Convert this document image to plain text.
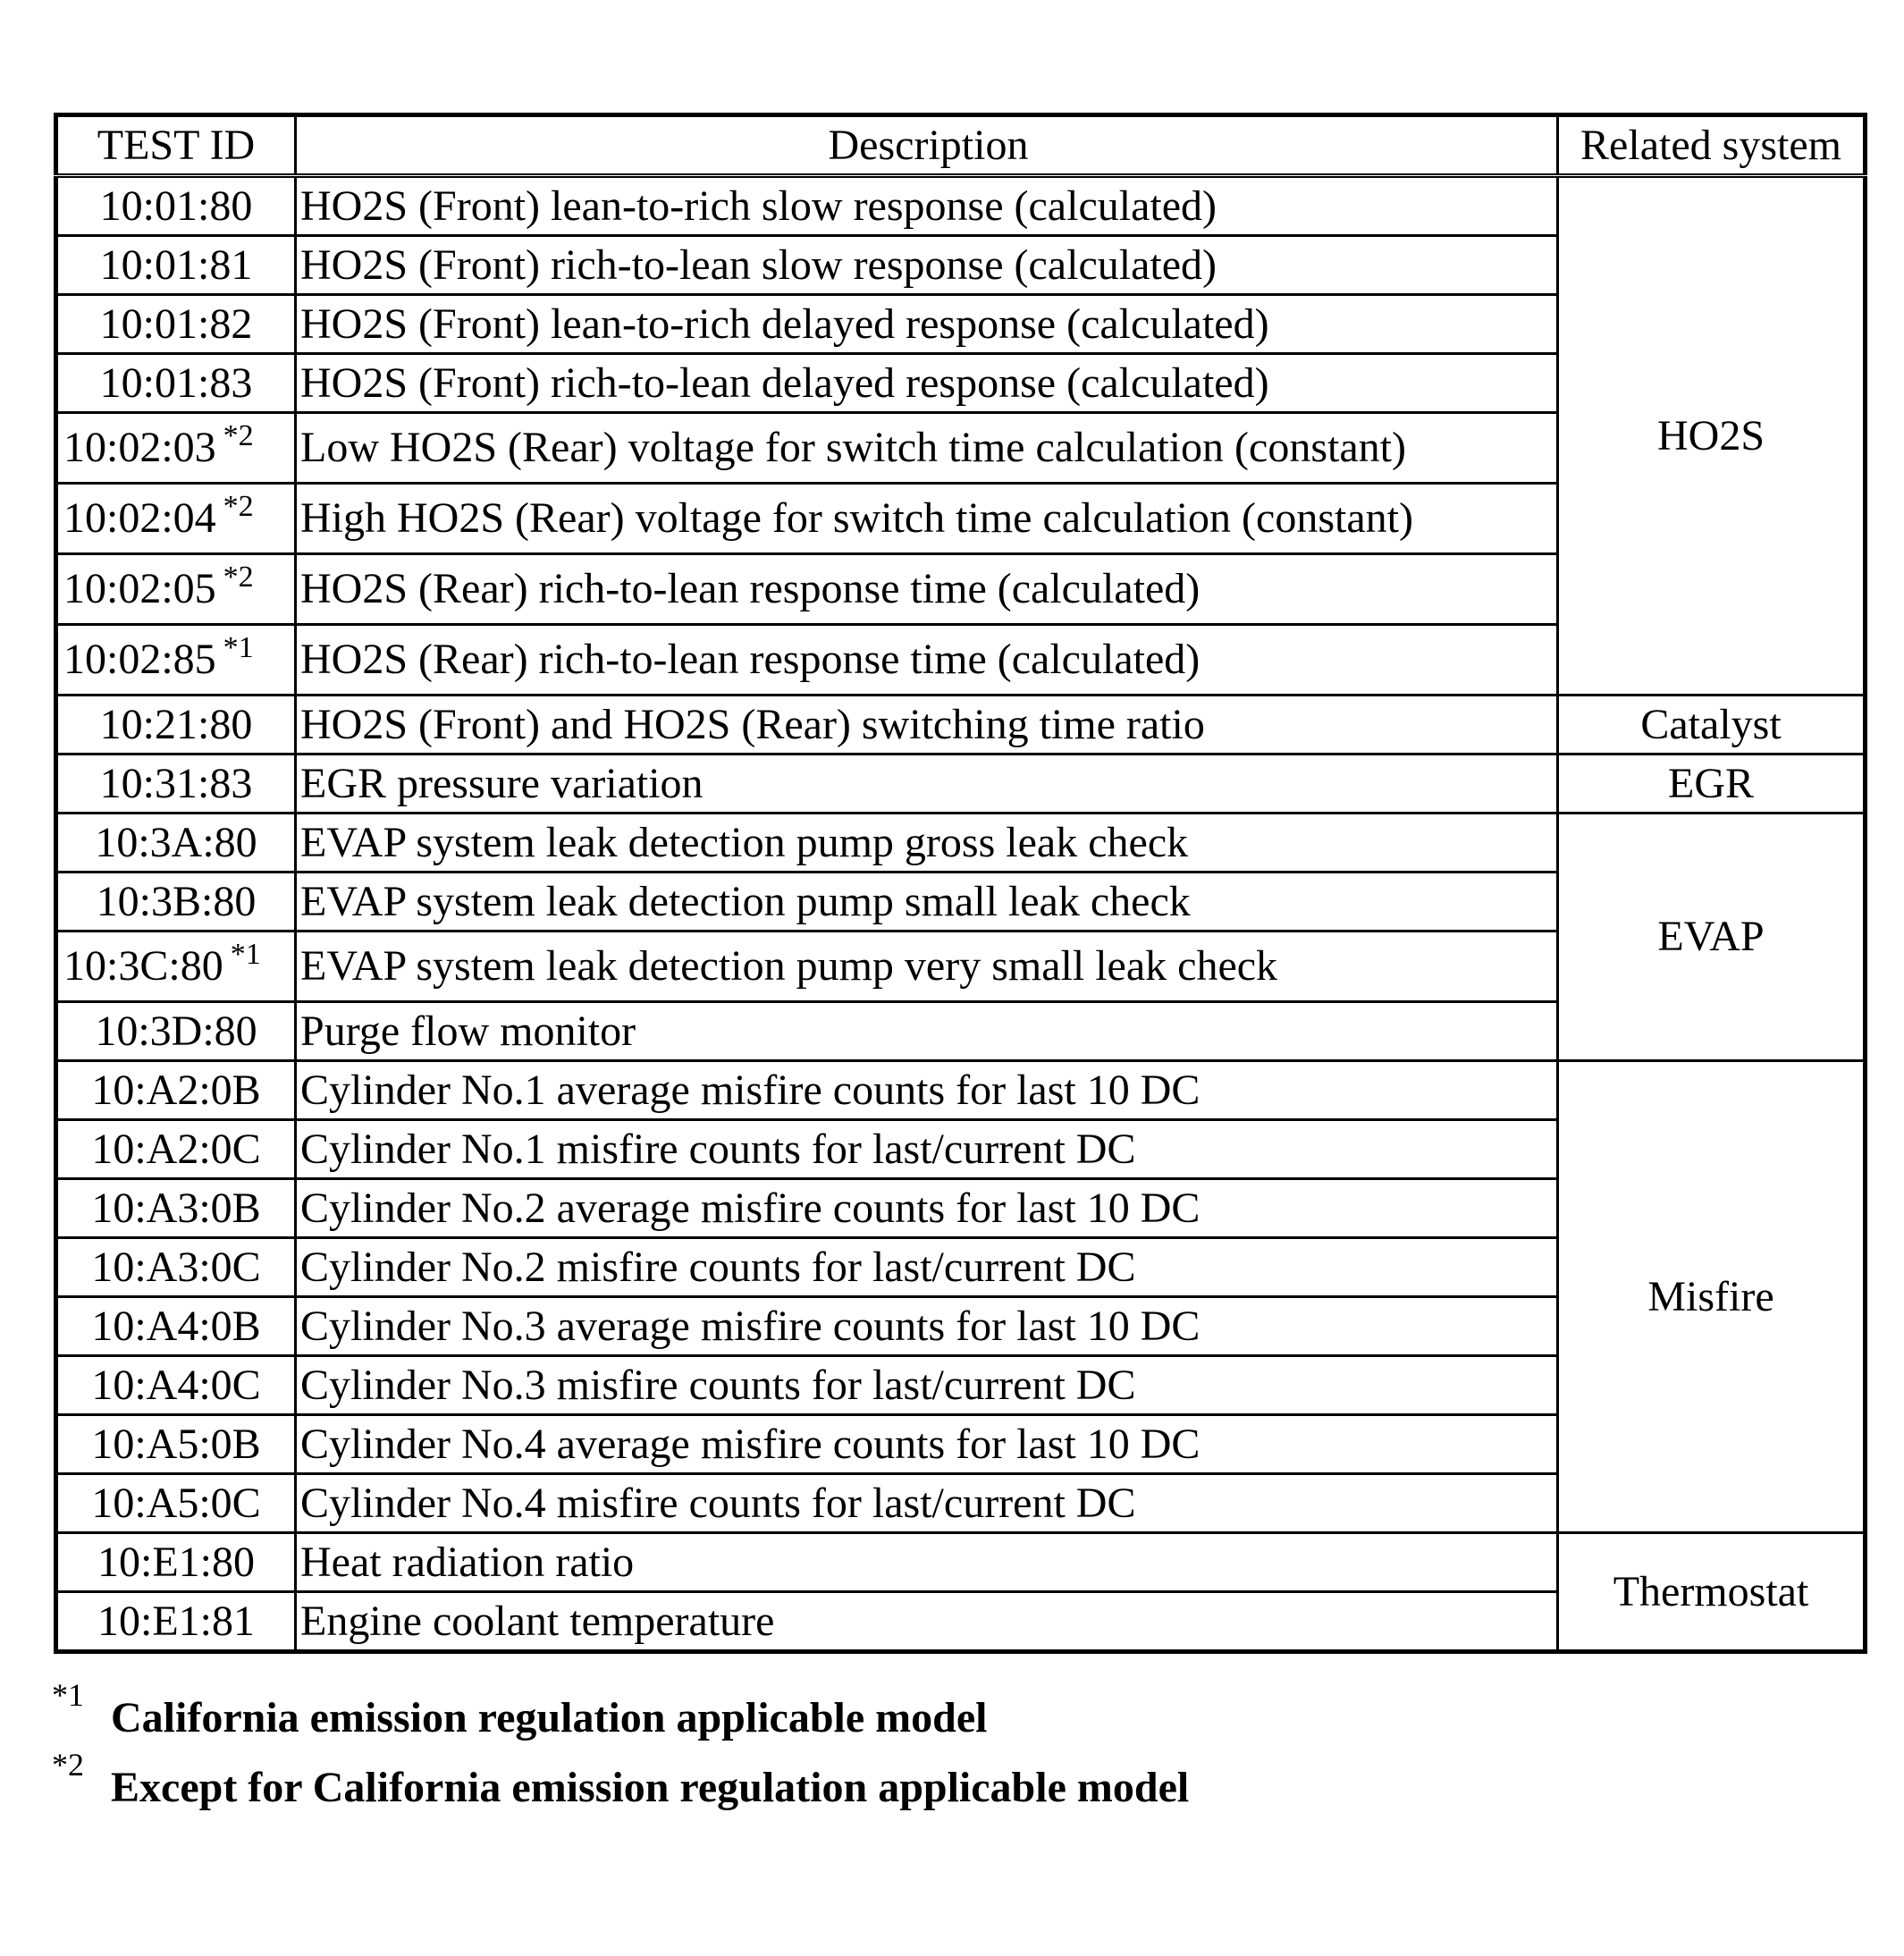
TEST ID	Description	Related system
10:01:80	HO2S (Front) lean-to-rich slow response (calculated)	HO2S
10:01:81	HO2S (Front) rich-to-lean slow response (calculated)	
10:01:82	HO2S (Front) lean-to-rich delayed response (calculated)	
10:01:83	HO2S (Front) rich-to-lean delayed response (calculated)	
10:02:03 $^{*2}$	Low HO2S (Rear) voltage for switch time calculation (constant)	
10:02:04 $^{*2}$	High HO2S (Rear) voltage for switch time calculation (constant)	
10:02:05 $^{*2}$	HO2S (Rear) rich-to-lean response time (calculated)	
10:02:85 $^{*1}$	HO2S (Rear) rich-to-lean response time (calculated)	
10:21:80	HO2S (Front) and HO2S (Rear) switching time ratio	Catalyst
10:31:83	EGR pressure variation	EGR
10:3A:80	EVAP system leak detection pump gross leak check	EVAP
10:3B:80	EVAP system leak detection pump small leak check	
10:3C:80 $^{*1}$	EVAP system leak detection pump very small leak check	
10:3D:80	Purge flow monitor	
10:A2:0B	Cylinder No.1 average misfire counts for last 10 DC	Misfire
10:A2:0C	Cylinder No.1 misfire counts for last/current DC	
10:A3:0B	Cylinder No.2 average misfire counts for last 10 DC	
10:A3:0C	Cylinder No.2 misfire counts for last/current DC	
10:A4:0B	Cylinder No.3 average misfire counts for last 10 DC	
10:A4:0C	Cylinder No.3 misfire counts for last/current DC	
10:A5:0B	Cylinder No.4 average misfire counts for last 10 DC	
10:A5:0C	Cylinder No.4 misfire counts for last/current DC	
10:E1:80	Heat radiation ratio	Thermostat
10:E1:81	Engine coolant temperature	
*1 California emission regulation applicable model
*2 Except for California emission regulation applicable model
